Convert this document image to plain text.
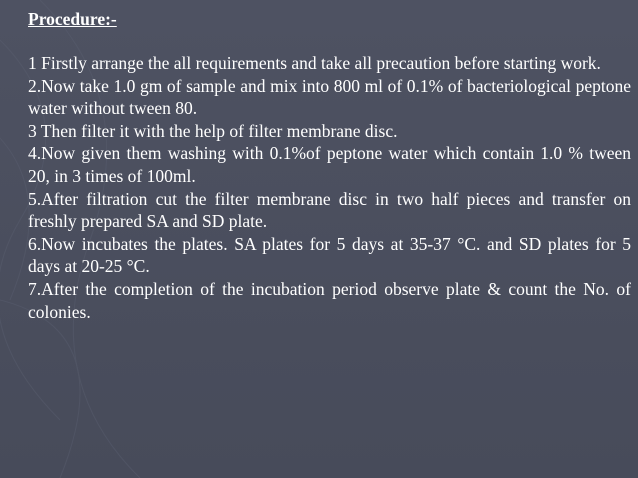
Procedure:-

1 Firstly arrange the all requirements and take all precaution before starting work.

2.Now take 1.0 gm of sample and mix into 800 ml of 0.1% of bacteriological peptone water without tween 80.

3 Then filter it with the help of filter membrane disc.

4.Now given them washing with 0.1%of peptone water which contain 1.0 % tween 20, in 3 times of 100ml.

5.After filtration cut the filter membrane disc in two half pieces and transfer on freshly prepared SA and SD plate.

6.Now incubates the plates. SA plates for 5 days at 35-37 °C. and SD plates for 5 days at 20-25 °C.

7.After the completion of the incubation period observe plate & count the No. of colonies.
